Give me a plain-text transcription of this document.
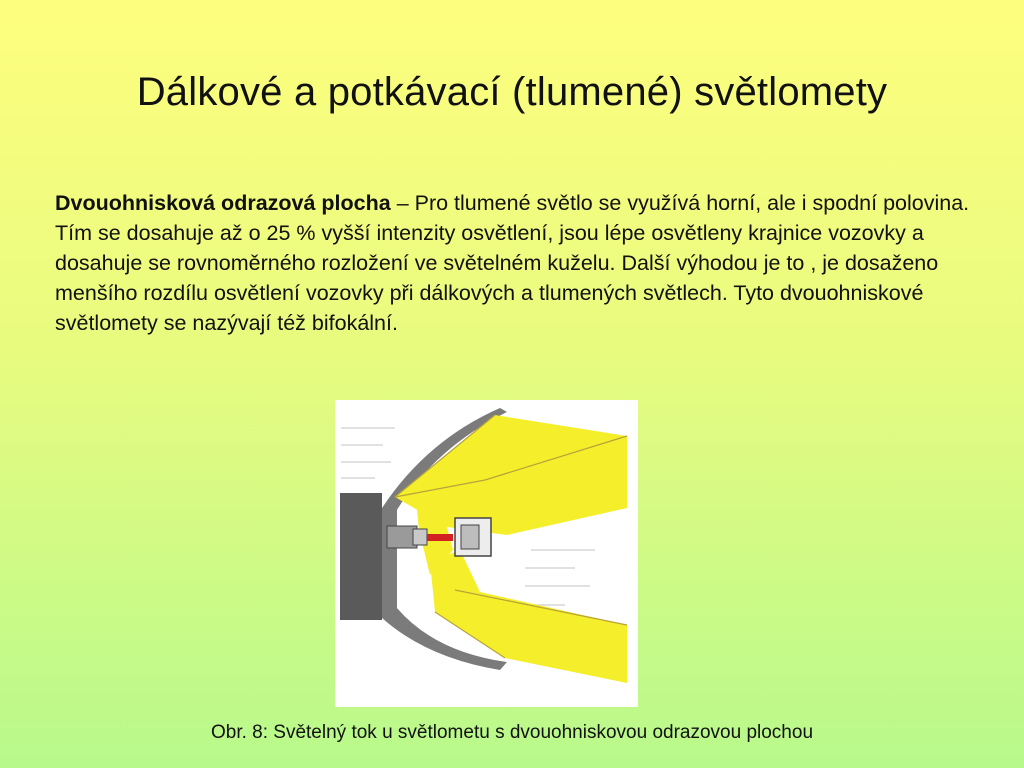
Dálkové a potkávací (tlumené) světlomety
Dvouohnisková odrazová plocha – Pro tlumené světlo se využívá horní, ale i spodní polovina. Tím se dosahuje až o 25 % vyšší intenzity osvětlení, jsou lépe osvětleny krajnice vozovky a dosahuje se rovnoměrného rozložení ve světelném kuželu. Další výhodou je to , je dosaženo menšího rozdílu osvětlení vozovky při dálkových a tlumených světlech. Tyto dvouohniskové světlomety se nazývají též bifokální.
Obr. 8: Světelný tok u světlometu s dvouohniskovou odrazovou plochou
